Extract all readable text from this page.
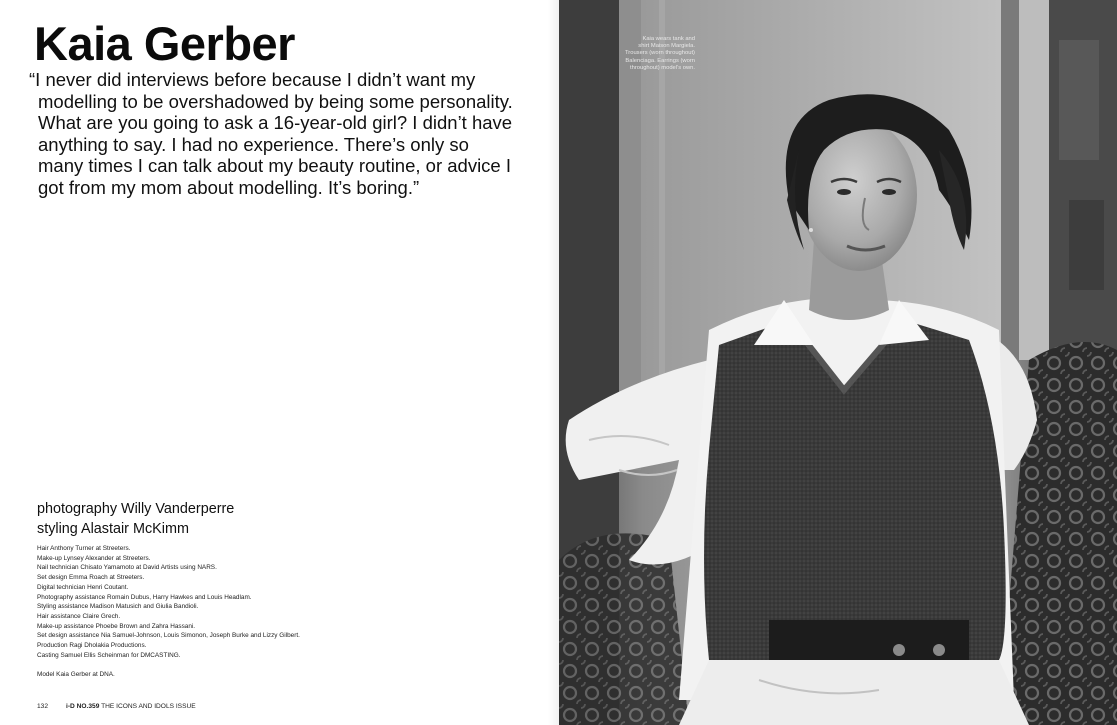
Kaia Gerber

“I never did interviews before because I didn’t want my modelling to be overshadowed by being some personality. What are you going to ask a 16-year-old girl? I didn’t have anything to say. I had no experience. There’s only so many times I can talk about my beauty routine, or advice I got from my mom about modelling. It’s boring.”

photography Willy Vanderperre
styling Alastair McKimm
Hair Anthony Turner at Streeters.
Make-up Lynsey Alexander at Streeters.
Nail technician Chisato Yamamoto at David Artists using NARS.
Set design Emma Roach at Streeters.
Digital technician Henri Coutant.
Photography assistance Romain Dubus, Harry Hawkes and Louis Headlam.
Styling assistance Madison Matusich and Giulia Bandioli.
Hair assistance Claire Grech.
Make-up assistance Phoebe Brown and Zahra Hassani.
Set design assistance Nia Samuel-Johnson, Louis Simonon, Joseph Burke and Lizzy Gilbert.
Production Ragi Dholakia Productions.
Casting Samuel Ellis Scheinman for DMCASTING.
Model Kaia Gerber at DNA.
132	i-D NO.359 THE ICONS AND IDOLS ISSUE
Kaia wears tank and
shirt Maison Margiela.
Trousers (worn throughout)
Balenciaga. Earrings (worn
throughout) model’s own.
